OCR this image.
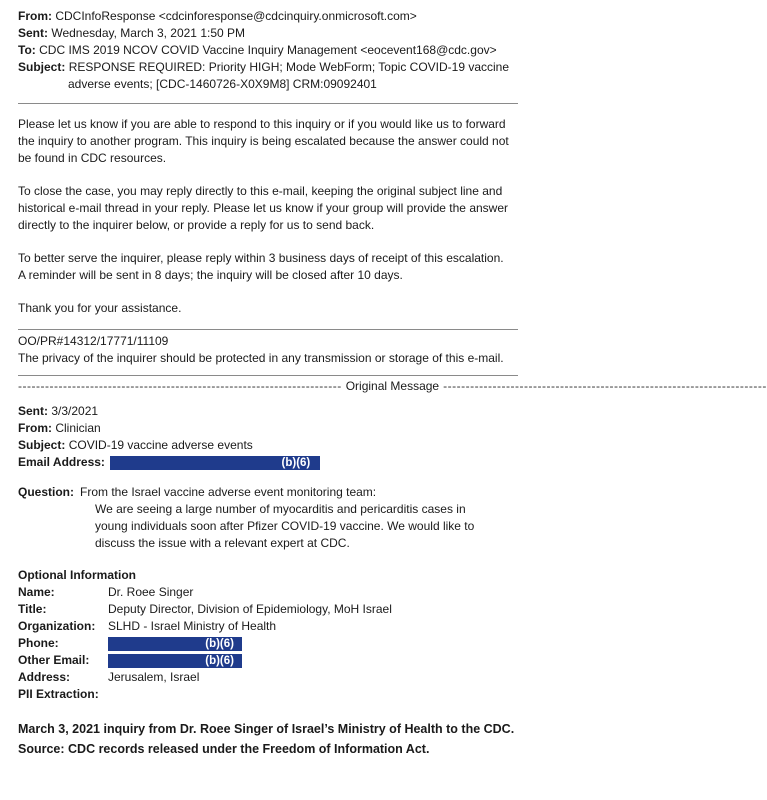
From: CDCInfoResponse <cdcinforesponse@cdcinquiry.onmicrosoft.com>
Sent: Wednesday, March 3, 2021 1:50 PM
To: CDC IMS 2019 NCOV COVID Vaccine Inquiry Management <eocevent168@cdc.gov>
Subject: RESPONSE REQUIRED: Priority HIGH; Mode WebForm; Topic COVID-19 vaccine
adverse events; [CDC-1460726-X0X9M8] CRM:09092401

Please let us know if you are able to respond to this inquiry or if you would like us to forward the inquiry to another program. This inquiry is being escalated because the answer could not be found in CDC resources.

To close the case, you may reply directly to this e-mail, keeping the original subject line and historical e-mail thread in your reply. Please let us know if your group will provide the answer directly to the inquirer below, or provide a reply for us to send back.

To better serve the inquirer, please reply within 3 business days of receipt of this escalation.
A reminder will be sent in 8 days; the inquiry will be closed after 10 days.

Thank you for your assistance.

OO/PR#14312/17771/11109
The privacy of the inquirer should be protected in any transmission or storage of this e-mail.
------------------------------------------------------------------------ Original Message ------------------------------------------------------------------------
Sent: 3/3/2021
From: Clinician
Subject: COVID-19 vaccine adverse events
Email Address:	(b)(6)
Question: From the Israel vaccine adverse event monitoring team:
We are seeing a large number of myocarditis and pericarditis cases in young individuals soon after Pfizer COVID-19 vaccine. We would like to discuss the issue with a relevant expert at CDC.
Optional Information
Name:	Dr. Roee Singer
Title:	Deputy Director, Division of Epidemiology, MoH Israel
Organization:	SLHD - Israel Ministry of Health
Phone:	(b)(6)
Other Email:	(b)(6)
Address:	Jerusalem, Israel
PII Extraction:
March 3, 2021 inquiry from Dr. Roee Singer of Israel’s Ministry of Health to the CDC.
Source: CDC records released under the Freedom of Information Act.
